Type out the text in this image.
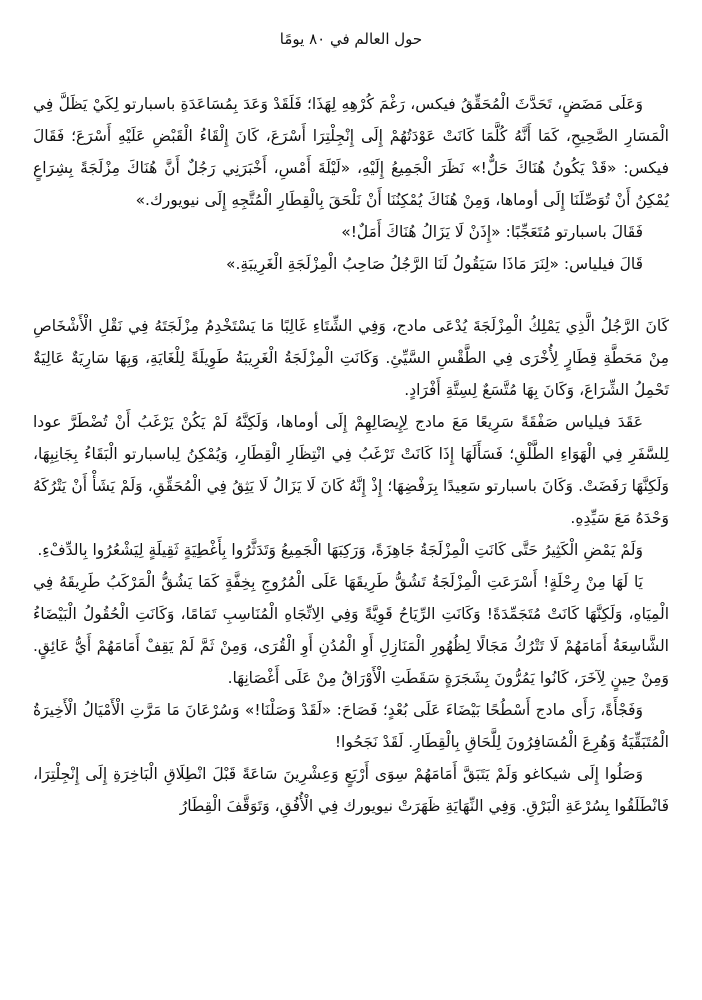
حول العالم في ٨٠ يومًا

وَعَلَى مَضَضٍ، تَحَدَّثَ الْمُحَقِّقُ فيكس، رَغْمَ كُرْهِهِ لِهَذَا؛ فَلَقَدْ وَعَدَ بِمُسَاعَدَةِ باسبارتو لِكَيْ يَظَلَّ فِي الْمَسَارِ الصَّحِيحِ، كَمَا أَنَّهُ كُلَّمَا كَانَتْ عَوْدَتُهُمْ إِلَى إِنْجِلْتِرَا أَسْرَعَ، كَانَ إِلْقَاءُ الْقَبْضِ عَلَيْهِ أَسْرَعَ؛ فَقَالَ فيكس: «قَدْ يَكُونُ هُنَاكَ حَلٌّ!» نَظَرَ الْجَمِيعُ إِلَيْهِ، «لَيْلَةَ أَمْسِ، أَخْبَرَنِي رَجُلٌ أَنَّ هُنَاكَ مِزْلَجَةً بِشِرَاعٍ يُمْكِنُ أَنْ تُوَصِّلَنَا إِلَى أوماها، وَمِنْ هُنَاكَ يُمْكِنُنَا أَنْ نَلْحَقَ بِالْقِطَارِ الْمُتَّجِهِ إِلَى نيويورك.»

فَقَالَ باسبارتو مُتَعَجِّبًا: «إِذَنْ لَا يَزَالُ هُنَاكَ أَمَلٌ!»

قَالَ فيلياس: «لِنَرَ مَاذَا سَيَقُولُ لَنَا الرَّجُلُ صَاحِبُ الْمِزْلَجَةِ الْغَرِيبَةِ.»

كَانَ الرَّجُلُ الَّذِي يَمْلِكُ الْمِزْلَجَةَ يُدْعَى مادج، وَفِي الشِّتَاءِ غَالِبًا مَا يَسْتَخْدِمُ مِزْلَجَتَهُ فِي نَقْلِ الْأَشْخَاصِ مِنْ مَحَطَّةِ قِطَارٍ لِأُخْرَى فِي الطَّقْسِ السَّيِّئِ. وَكَانَتِ الْمِزْلَجَةُ الْغَرِيبَةُ طَوِيلَةً لِلْغَايَةِ، وَبِهَا سَارِيَةٌ عَالِيَةٌ تَحْمِلُ الشِّرَاعَ، وَكَانَ بِهَا مُتَّسَعٌ لِسِتَّةِ أَفْرَادٍ.

عَقَدَ فيلياس صَفْقَةً سَرِيعًا مَعَ مادج لِإِيصَالِهِمْ إِلَى أوماها، وَلَكِنَّهُ لَمْ يَكُنْ يَرْغَبُ أَنْ تُضْطَرَّ عودا لِلسَّفَرِ فِي الْهَوَاءِ الطَّلْقِ؛ فَسَأَلَهَا إِذَا كَانَتْ تَرْغَبُ فِي انْتِظَارِ الْقِطَارِ، وَيُمْكِنُ لِباسبارتو الْبَقَاءُ بِجَانِبِهَا، وَلَكِنَّهَا رَفَضَتْ. وَكَانَ باسبارتو سَعِيدًا بِرَفْضِهَا؛ إِذْ إِنَّهُ كَانَ لَا يَزَالُ لَا يَثِقُ فِي الْمُحَقِّقِ، وَلَمْ يَشَأْ أَنْ يَتْرُكَهُ وَحْدَهُ مَعَ سَيِّدِهِ.

وَلَمْ يَمْضِ الْكَثِيرُ حَتَّى كَانَتِ الْمِزْلَجَةُ جَاهِزَةً، وَرَكِبَهَا الْجَمِيعُ وَتَدَثَّرُوا بِأَغْطِيَةٍ ثَقِيلَةٍ لِيَشْعُرُوا بِالدِّفْءِ.

يَا لَهَا مِنْ رِحْلَةٍ! أَسْرَعَتِ الْمِزْلَجَةُ تَشُقُّ طَرِيقَهَا عَلَى الْمُرُوجِ بِخِفَّةٍ كَمَا يَشُقُّ الْمَرْكَبُ طَرِيقَهُ فِي الْمِيَاهِ، وَلَكِنَّهَا كَانَتْ مُتَجَمِّدَةً! وَكَانَتِ الرِّيَاحُ قَوِيَّةً وَفِي الِاتِّجَاهِ الْمُنَاسِبِ تَمَامًا، وَكَانَتِ الْحُقُولُ الْبَيْضَاءُ الشَّاسِعَةُ أَمَامَهُمْ لَا تَتْرُكُ مَجَالًا لِظُهُورِ الْمَنَازِلِ أَوِ الْمُدُنِ أَوِ الْقُرَى، وَمِنْ ثَمَّ لَمْ يَقِفْ أَمَامَهُمْ أَيُّ عَائِقٍ. وَمِنْ حِينٍ لِآخَرَ، كَانُوا يَمُرُّونَ بِشَجَرَةٍ سَقَطَتِ الْأَوْرَاقُ مِنْ عَلَى أَغْصَانِهَا.

وَفَجْأَةً، رَأَى مادج أَسْطُحًا بَيْضَاءَ عَلَى بُعْدٍ؛ فَصَاحَ: «لَقَدْ وَصَلْنَا!» وَسُرْعَانَ مَا مَرَّتِ الْأَمْيَالُ الْأَخِيرَةُ الْمُتَبَقِّيَةُ وَهُرِعَ الْمُسَافِرُونَ لِلَّحَاقِ بِالْقِطَارِ. لَقَدْ نَجَحُوا!

وَصَلُوا إِلَى شيكاغو وَلَمْ يَتَبَقَّ أَمَامَهُمْ سِوَى أَرْبَعٍ وَعِشْرِينَ سَاعَةً قَبْلَ انْطِلَاقِ الْبَاخِرَةِ إِلَى إِنْجِلْتِرَا، فَانْطَلَقُوا بِسُرْعَةِ الْبَرْقِ. وَفِي النِّهَايَةِ ظَهَرَتْ نيويورك فِي الْأُفُقِ، وَتَوَقَّفَ الْقِطَارُ
